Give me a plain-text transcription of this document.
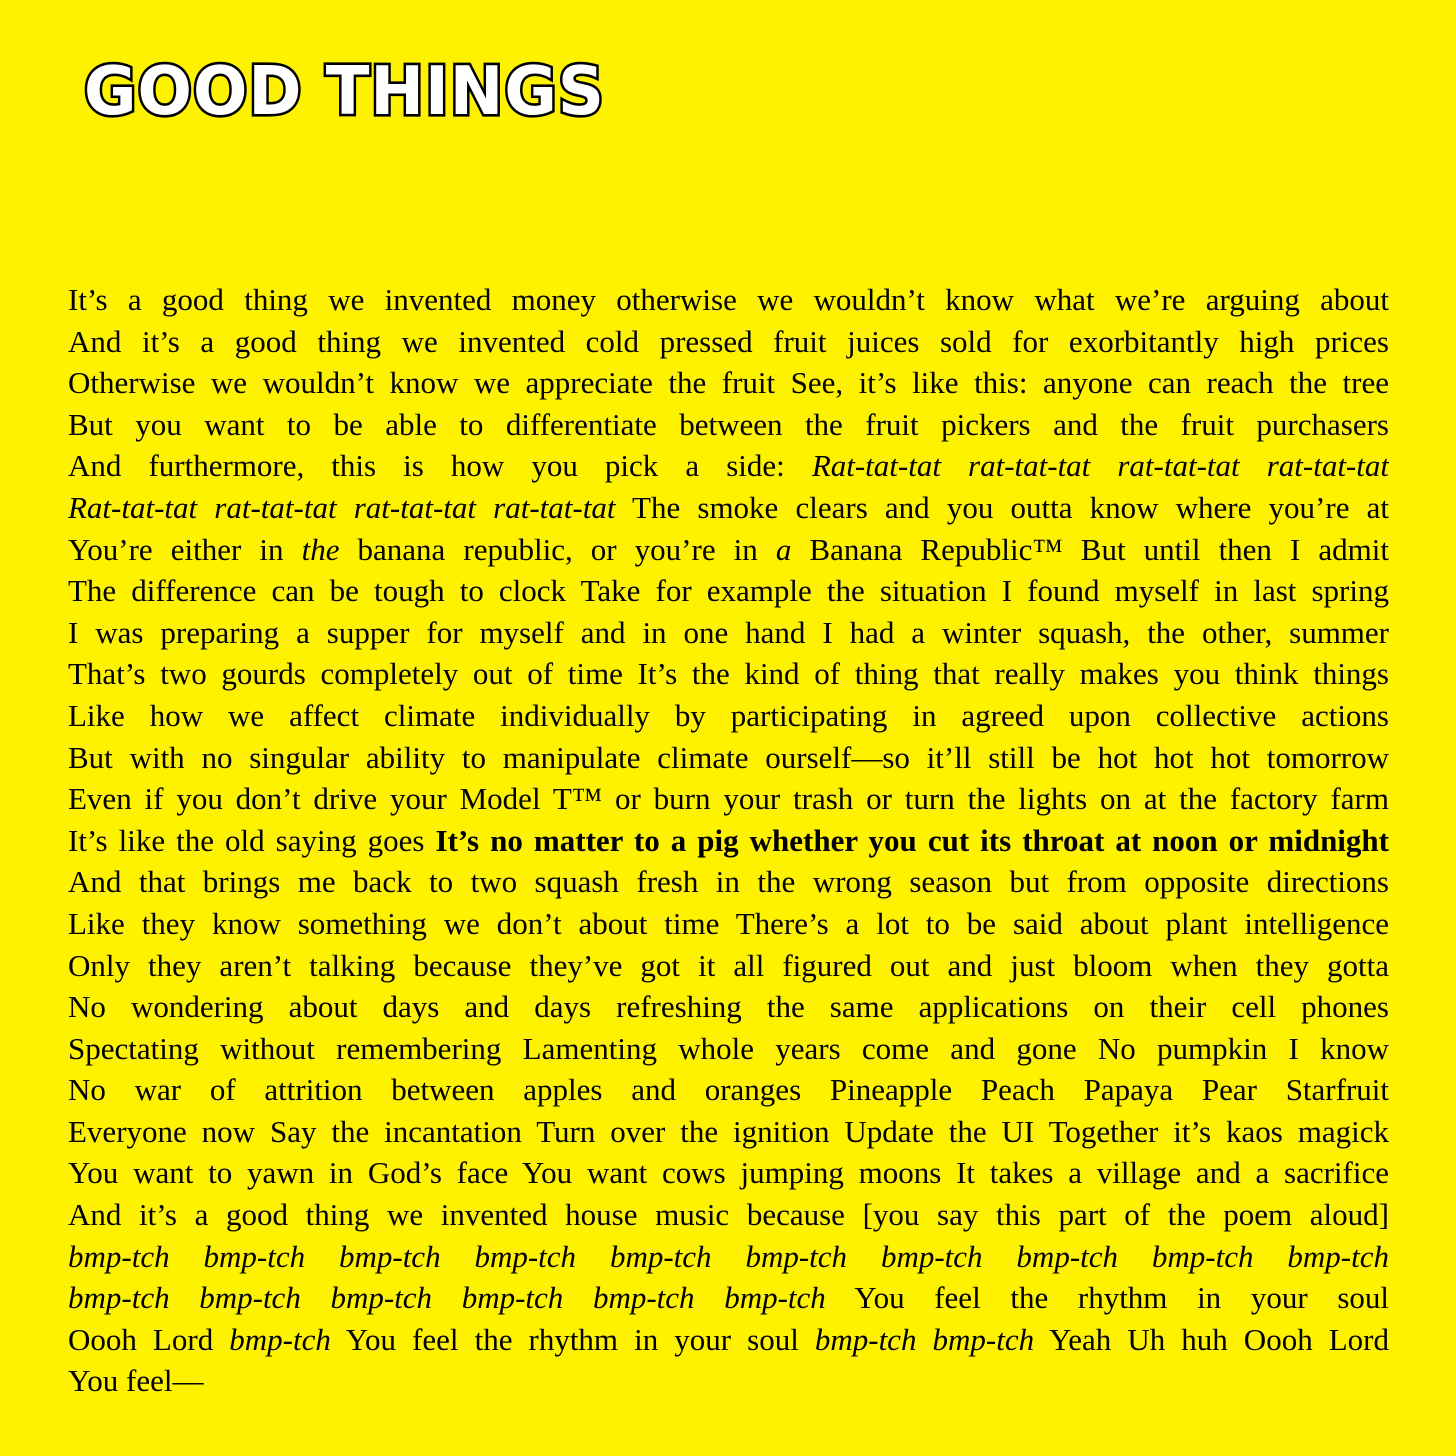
GOOD THINGS
It’s a good thing we invented money otherwise we wouldn’t know what we’re arguing about
And it’s a good thing we invented cold pressed fruit juices sold for exorbitantly high prices
Otherwise we wouldn’t know we appreciate the fruit See, it’s like this: anyone can reach the tree
But you want to be able to differentiate between the fruit pickers and the fruit purchasers
And furthermore, this is how you pick a side: Rat-tat-tat rat-tat-tat rat-tat-tat rat-tat-tat
Rat-tat-tat rat-tat-tat rat-tat-tat rat-tat-tat The smoke clears and you outta know where you’re at
You’re either in the banana republic, or you’re in a Banana Republic™ But until then I admit
The difference can be tough to clock Take for example the situation I found myself in last spring
I was preparing a supper for myself and in one hand I had a winter squash, the other, summer
That’s two gourds completely out of time It’s the kind of thing that really makes you think things
Like how we affect climate individually by participating in agreed upon collective actions
But with no singular ability to manipulate climate ourself—so it’ll still be hot hot hot tomorrow
Even if you don’t drive your Model T™ or burn your trash or turn the lights on at the factory farm
It’s like the old saying goes It’s no matter to a pig whether you cut its throat at noon or midnight
And that brings me back to two squash fresh in the wrong season but from opposite directions
Like they know something we don’t about time There’s a lot to be said about plant intelligence
Only they aren’t talking because they’ve got it all figured out and just bloom when they gotta
No wondering about days and days refreshing the same applications on their cell phones
Spectating without remembering Lamenting whole years come and gone No pumpkin I know
No war of attrition between apples and oranges Pineapple Peach Papaya Pear Starfruit
Everyone now Say the incantation Turn over the ignition Update the UI Together it’s kaos magick
You want to yawn in God’s face You want cows jumping moons It takes a village and a sacrifice
And it’s a good thing we invented house music because [you say this part of the poem aloud]
bmp-tch bmp-tch bmp-tch bmp-tch bmp-tch bmp-tch bmp-tch bmp-tch bmp-tch bmp-tch
bmp-tch bmp-tch bmp-tch bmp-tch bmp-tch bmp-tch You feel the rhythm in your soul
Oooh Lord bmp-tch You feel the rhythm in your soul bmp-tch bmp-tch Yeah Uh huh Oooh Lord
You feel—
